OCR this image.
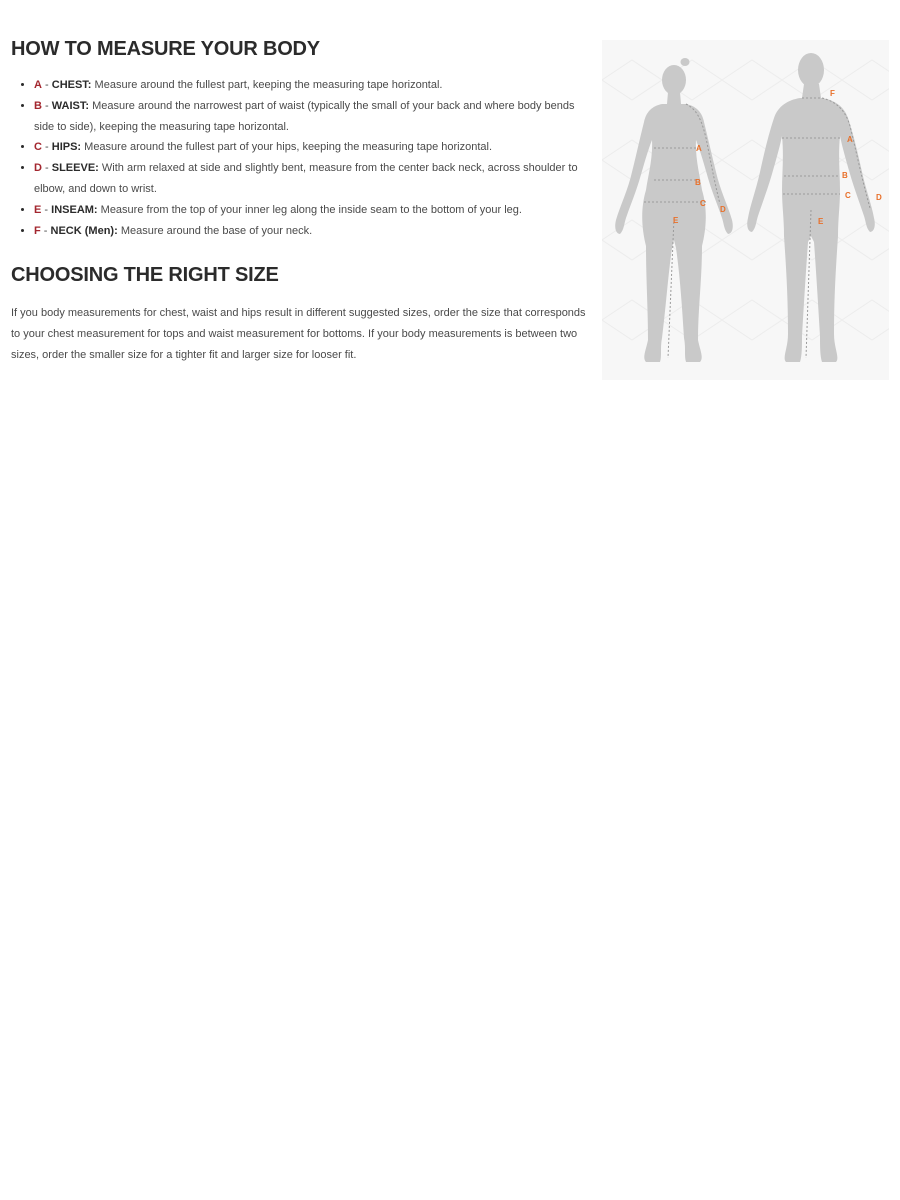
HOW TO MEASURE YOUR BODY
• A - CHEST: Measure around the fullest part, keeping the measuring tape horizontal.
• B - WAIST: Measure around the narrowest part of waist (typically the small of your back and where body bends side to side), keeping the measuring tape horizontal.
• C - HIPS: Measure around the fullest part of your hips, keeping the measuring tape horizontal.
• D - SLEEVE: With arm relaxed at side and slightly bent, measure from the center back neck, across shoulder to elbow, and down to wrist.
• E - INSEAM: Measure from the top of your inner leg along the inside seam to the bottom of your leg.
• F - NECK (Men): Measure around the base of your neck.
CHOOSING THE RIGHT SIZE

If you body measurements for chest, waist and hips result in different suggested sizes, order the size that corresponds to your chest measurement for tops and waist measurement for bottoms. If your body measurements is between two sizes, order the smaller size for a tighter fit and larger size for looser fit.

A
B
C
D
E
F
A
B
C	D
E
